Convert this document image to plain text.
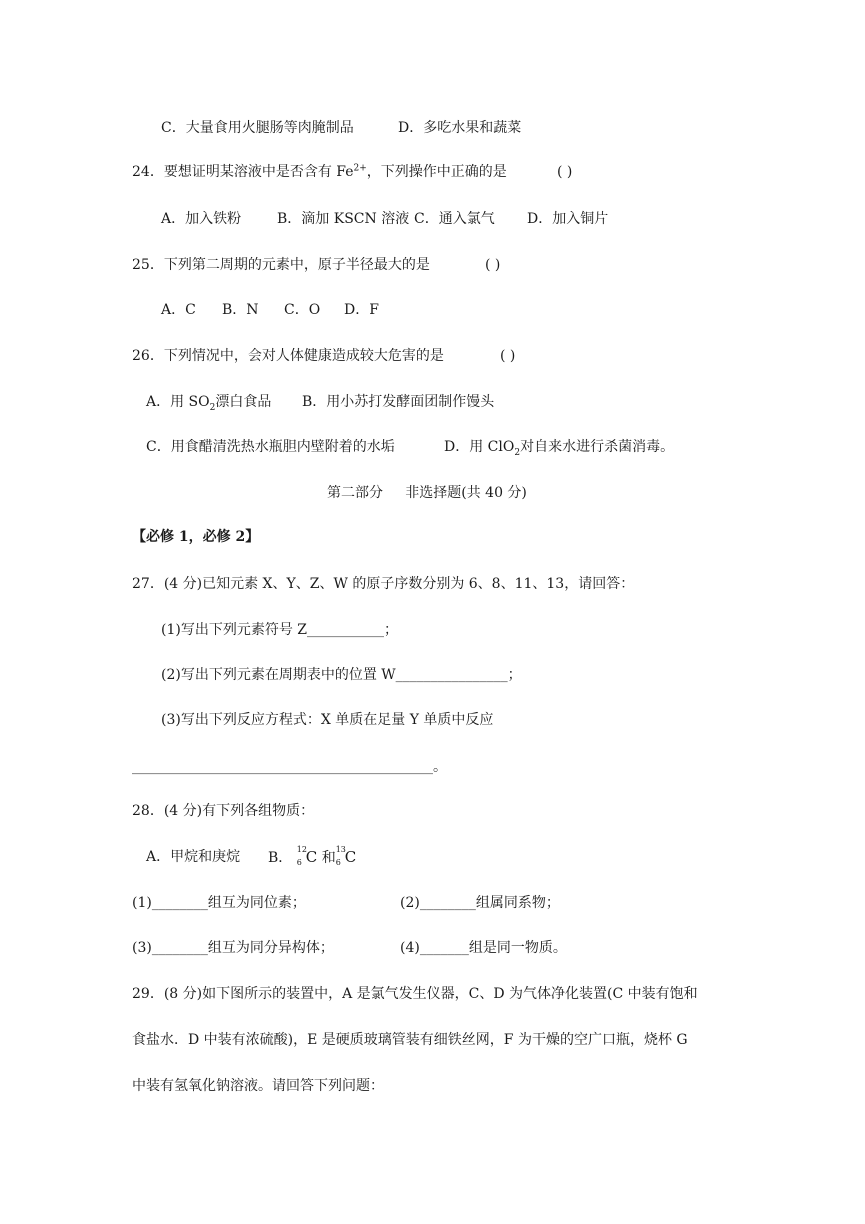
C．大量食用火腿肠等肉腌制品	D．多吃水果和蔬菜
24．要想证明某溶液中是否含有 $Fe^{2+}$，下列操作中正确的是	( )
A．加入铁粉	B．滴加 KSCN 溶液 C．通入氯气 D．加入铜片
25．下列第二周期的元素中，原子半径最大的是	( )
A．C B．N C．O D．F
26．下列情况中，会对人体健康造成较大危害的是	( )
A．用 $SO_2$漂白食品 B．用小苏打发酵面团制作馒头
C．用食醋清洗热水瓶胆内壁附着的水垢	D．用 ClO$_2$对自来水进行杀菌消毒。
第二部分     非选择题(共 40 分)
【必修 1，必修 2】
27．(4 分)已知元素 X、Y、Z、W 的原子序数分别为 6、8、11、13，请回答：
(1)写出下列元素符号 Z___________；
(2)写出下列元素在周期表中的位置 W________________；
(3)写出下列反应方程式：X 单质在足量 Y 单质中反应
___________________________________________。
28．(4 分)有下列各组物质：
A．甲烷和庚烷 B．
12
6 C 和
13
6 C
(1)________组互为同位素；	(2)________组属同系物；
(3)________组互为同分异构体；	(4)_______组是同一物质。
29．(8 分)如下图所示的装置中，A 是氯气发生仪器，C、D 为气体净化装置(C 中装有饱和
食盐水．D 中装有浓硫酸)，E 是硬质玻璃管装有细铁丝网，F 为干燥的空广口瓶，烧杯 G
中装有氢氧化钠溶液。请回答下列问题：
